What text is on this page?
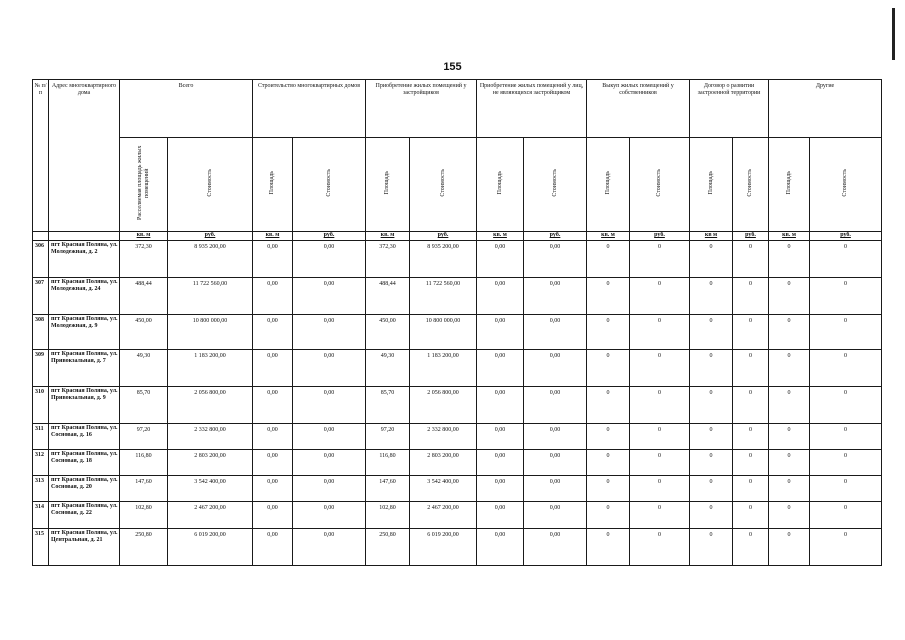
155
№ п/п	Адрес многоквартирного дома	Всего		Строительство многоквартирных домов		Приобретение жилых помещений у застройщиков		Приобретение жилых помещений у лиц, не являющихся застройщиком		Выкуп жилых помещений у собственников		Договор о развитии застроенной территории		Другие		
		Расселяемая площадь жилых помещений	Стоимость	Площадь	Стоимость	Площадь	Стоимость	Площадь	Стоимость	Площадь	Стоимость	Площадь	Стоимость	Площадь	Стоимость		
		кв. м	руб.	кв. м	руб.	кв. м	руб.	кв. м	руб.	кв. м	руб.	кв м	руб.	кв. м	руб.	
306	пгт Красная Поляна, ул. Молодежная, д. 2	372,30	8 935 200,00	0,00	0,00	372,30	8 935 200,00	0,00	0,00	0	0	0	0	0	0	
307	пгт Красная Поляна, ул. Молодежная, д. 24	488,44	11 722 560,00	0,00	0,00	488,44	11 722 560,00	0,00	0,00	0	0	0	0	0	0	
308	пгт Красная Поляна, ул. Молодежная, д. 9	450,00	10 800 000,00	0,00	0,00	450,00	10 800 000,00	0,00	0,00	0	0	0	0	0	0	
309	пгт Красная Поляна, ул. Привокзальная, д. 7	49,30	1 183 200,00	0,00	0,00	49,30	1 183 200,00	0,00	0,00	0	0	0	0	0	0	
310	пгт Красная Поляна, ул. Привокзальная, д. 9	85,70	2 056 800,00	0,00	0,00	85,70	2 056 800,00	0,00	0,00	0	0	0	0	0	0	
311	пгт Красная Поляна, ул. Сосновая, д. 16	97,20	2 332 800,00	0,00	0,00	97,20	2 332 800,00	0,00	0,00	0	0	0	0	0	0	
312	пгт Красная Поляна, ул. Сосновая, д. 18	116,80	2 803 200,00	0,00	0,00	116,80	2 803 200,00	0,00	0,00	0	0	0	0	0	0	
313	пгт Красная Поляна, ул. Сосновая, д. 20	147,60	3 542 400,00	0,00	0,00	147,60	3 542 400,00	0,00	0,00	0	0	0	0	0	0	
314	пгт Красная Поляна, ул. Сосновая, д. 22	102,80	2 467 200,00	0,00	0,00	102,80	2 467 200,00	0,00	0,00	0	0	0	0	0	0	
315	пгт Красная Поляна, ул. Центральная, д. 21	250,80	6 019 200,00	0,00	0,00	250,80	6 019 200,00	0,00	0,00	0	0	0	0	0	0	
